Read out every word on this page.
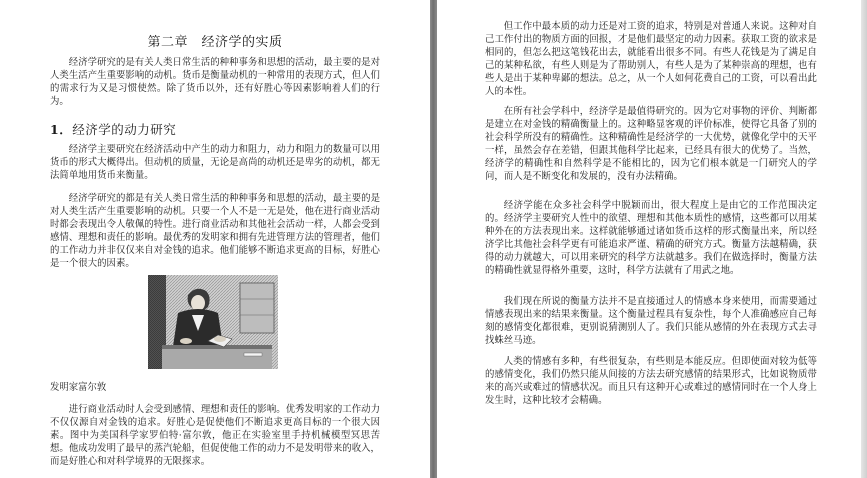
第二章　经济学的实质

经济学研究的是有关人类日常生活的种种事务和思想的活动，最主要的是对人类生活产生重要影响的动机。货币是衡量动机的一种常用的表现方式，但人们的需求行为又是习惯使然。除了货币以外，还有好胜心等因素影响着人们的行为。

1．经济学的动力研究

经济学主要研究在经济活动中产生的动力和阻力，动力和阻力的数量可以用货币的形式大概得出。但动机的质量，无论是高尚的动机还是卑劣的动机，都无法简单地用货币来衡量。

经济学研究的都是有关人类日常生活的种种事务和思想的活动，最主要的是对人类生活产生重要影响的动机。只要一个人不是一无是处，他在进行商业活动时都会表现出令人敬佩的特性。进行商业活动和其他社会活动一样，人都会受到感情、理想和责任的影响。最优秀的发明家和拥有先进管理方法的管理者，他们的工作动力并非仅仅来自对金钱的追求。他们能够不断追求更高的目标，好胜心是一个很大的因素。

发明家富尔敦

进行商业活动时人会受到感情、理想和责任的影响。优秀发明家的工作动力不仅仅源自对金钱的追求。好胜心是促使他们不断追求更高目标的一个很大因素。图中为美国科学家罗伯特·富尔敦，他正在实验室里手持机械模型冥思苦想。他成功发明了最早的蒸汽轮船，但促使他工作的动力不是发明带来的收入，而是好胜心和对科学境界的无限探求。

但工作中最本质的动力还是对工资的追求，特别是对普通人来说。这种对自己工作付出的物质方面的回报，才是他们最坚定的动力因素。获取工资的欲求是相同的，但怎么把这笔钱花出去，就能看出很多不同。有些人花钱是为了满足自己的某种私欲，有些人则是为了帮助别人，有些人是为了某种崇高的理想，也有些人是出于某种卑鄙的想法。总之，从一个人如何花费自己的工资，可以看出此人的本性。

在所有社会学科中，经济学是最值得研究的。因为它对事物的评价、判断都是建立在对金钱的精确衡量上的。这种略显客观的评价标准，使得它具备了别的社会科学所没有的精确性。这种精确性是经济学的一大优势，就像化学中的天平一样，虽然会存在差错，但跟其他科学比起来，已经具有很大的优势了。当然，经济学的精确性和自然科学是不能相比的，因为它们根本就是一门研究人的学问，而人是不断变化和发展的，没有办法精确。

经济学能在众多社会科学中脱颖而出，很大程度上是由它的工作范围决定的。经济学主要研究人性中的欲望、理想和其他本质性的感情，这些都可以用某种外在的方法表现出来。这样就能够通过诸如货币这样的形式衡量出来，所以经济学比其他社会科学更有可能追求严谨、精确的研究方式。衡量方法越精确，获得的动力就越大，可以用来研究的科学方法就越多。我们在做选择时，衡量方法的精确性就显得格外重要，这时，科学方法就有了用武之地。

我们现在所说的衡量方法并不是直接通过人的情感本身来使用，而需要通过情感表现出来的结果来衡量。这个衡量过程具有复杂性，每个人准确感应自己每刻的感情变化都很难，更别说猜测别人了。我们只能从感情的外在表现方式去寻找蛛丝马迹。

人类的情感有多种，有些很复杂，有些则是本能反应。但即使面对较为低等的感情变化，我们仍然只能从间接的方法去研究感情的结果形式，比如说物质带来的高兴或难过的情感状况。而且只有这种开心或难过的感情同时在一个人身上发生时，这种比较才会精确。
